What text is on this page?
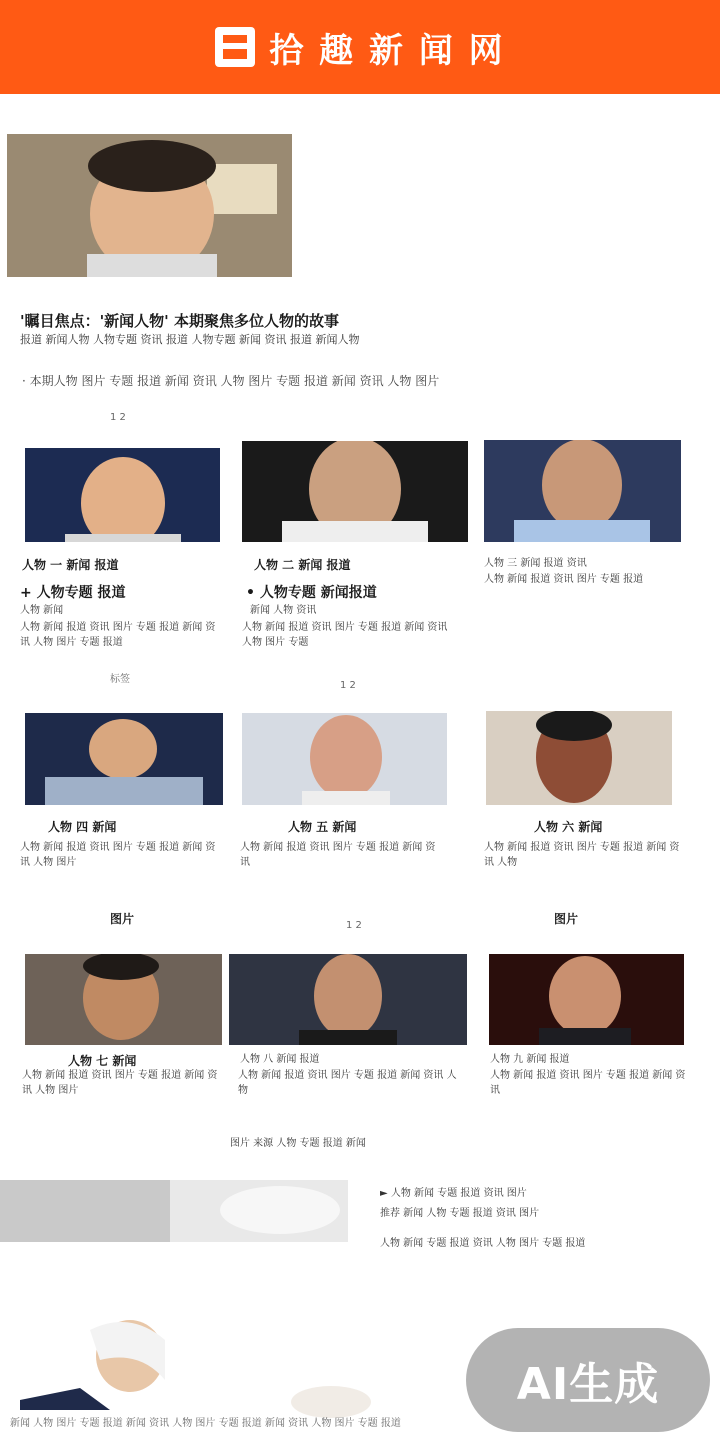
拾 趣 新 闻 网
'瞩目焦点：'新闻人物' 本期聚焦多位人物的故事
报道 新闻人物 人物专题 资讯 报道 人物专题 新闻 资讯 报道 新闻人物
· 本期人物 图片 专题 报道 新闻 资讯 人物 图片 专题 报道 新闻 资讯 人物 图片
1 2
人物 一 新闻 报道
+ 人物专题 报道
人物 新闻
人物 新闻 报道 资讯 图片 专题 报道 新闻 资讯 人物 图片 专题 报道
标签
人物 二 新闻 报道
• 人物专题 新闻报道
新闻 人物 资讯
人物 新闻 报道 资讯 图片 专题 报道 新闻 资讯 人物 图片 专题
1 2
人物 三 新闻 报道 资讯
人物 新闻 报道 资讯 图片 专题 报道
人物 四 新闻
人物 新闻 报道 资讯 图片 专题 报道 新闻 资讯 人物 图片
图片
人物 五 新闻
人物 新闻 报道 资讯 图片 专题 报道 新闻 资讯
1 2
人物 六 新闻
人物 新闻 报道 资讯 图片 专题 报道 新闻 资讯 人物
图片
人物 七 新闻
人物 新闻 报道 资讯 图片 专题 报道 新闻 资讯 人物 图片
人物 八 新闻 报道
人物 新闻 报道 资讯 图片 专题 报道 新闻 资讯 人物
人物 九 新闻 报道
人物 新闻 报道 资讯 图片 专题 报道 新闻 资讯
图片 来源 人物 专题 报道 新闻
► 人物 新闻 专题 报道 资讯 图片
推荐 新闻 人物 专题 报道 资讯 图片
人物 新闻 专题 报道 资讯 人物 图片 专题 报道
新闻 人物 图片 专题 报道 新闻 资讯 人物 图片 专题 报道 新闻 资讯 人物 图片 专题 报道
AI生成
